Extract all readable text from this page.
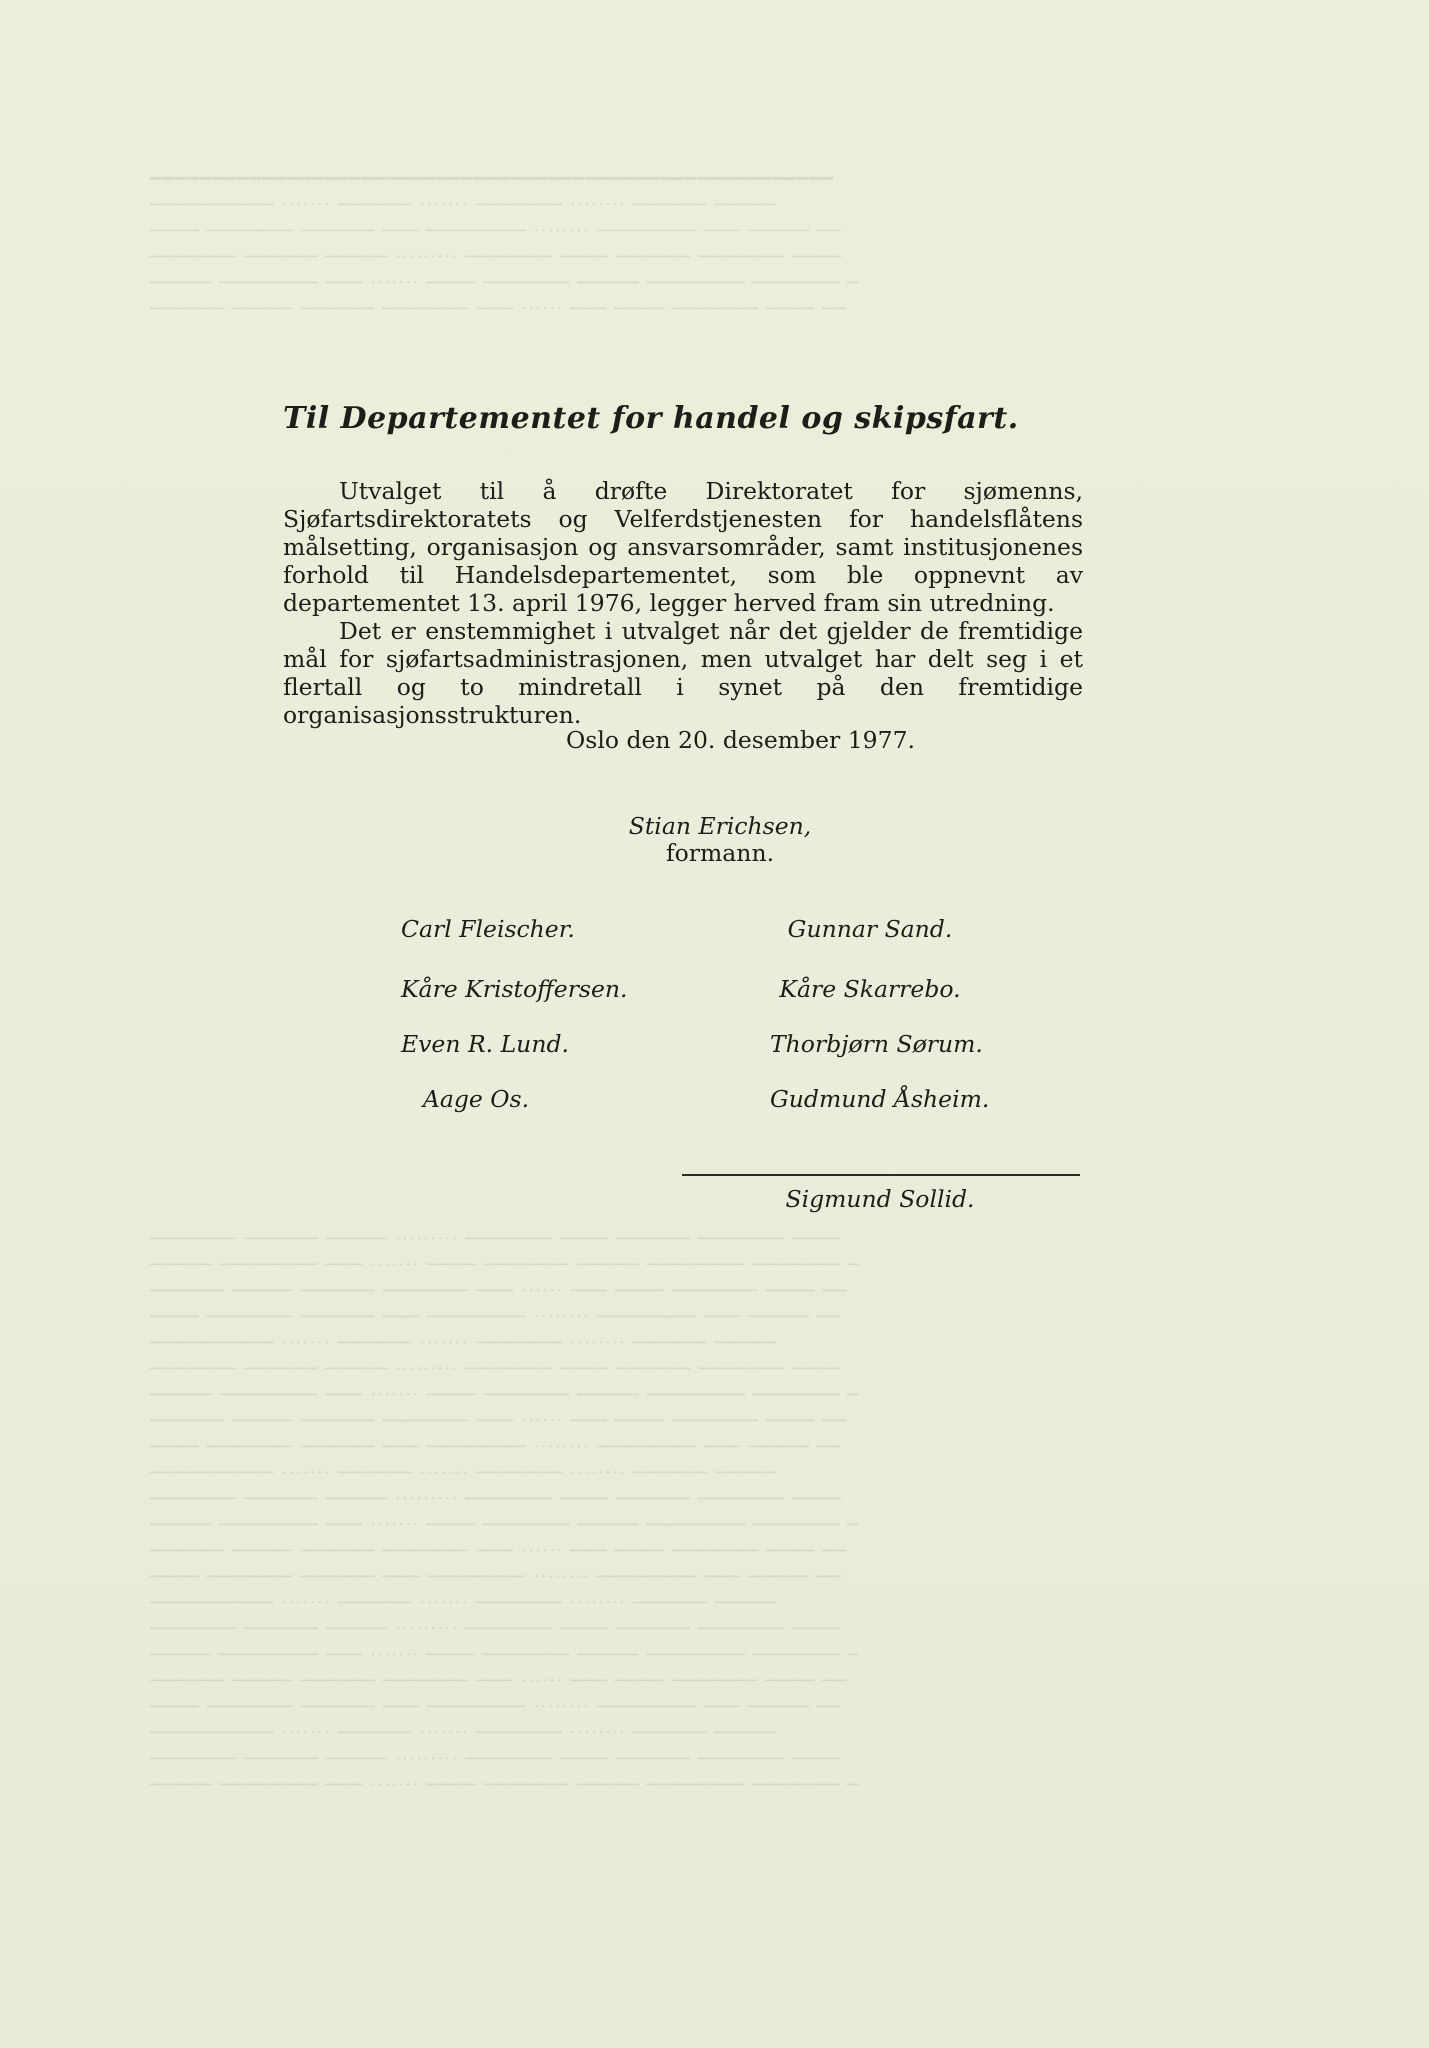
━━━━━━━━━━━━━━━━━━━━━━━━━━━━━━━━━━━━━━━━━━━━━━━━━━━━━━━
────────── ······· ────── ······· ─────── ········ ────── ─────
──── ─────── ────── ─── ──────── ········ ──────── ─── ───── ──
─────── ────── ───── ········· ─────── ──── ────── ─────── ────
───── ──────── ─── ······· ──── ─────── ───── ──────── ─────── ─
────── ───── ────── ─────── ─── ······ ─── ──── ─────── ──── ──

─────── ────── ───── ········· ─────── ──── ────── ─────── ────
───── ──────── ─── ······· ──── ─────── ───── ──────── ─────── ─
────── ───── ────── ─────── ─── ······ ─── ──── ─────── ──── ──
──── ─────── ────── ─── ──────── ········ ──────── ─── ───── ──
────────── ······· ────── ······· ─────── ········ ────── ─────
─────── ────── ───── ········· ─────── ──── ────── ─────── ────
───── ──────── ─── ······· ──── ─────── ───── ──────── ─────── ─
────── ───── ────── ─────── ─── ······ ─── ──── ─────── ──── ──
──── ─────── ────── ─── ──────── ········ ──────── ─── ───── ──
────────── ······· ────── ······· ─────── ········ ────── ─────
─────── ────── ───── ········· ─────── ──── ────── ─────── ────
───── ──────── ─── ······· ──── ─────── ───── ──────── ─────── ─
────── ───── ────── ─────── ─── ······ ─── ──── ─────── ──── ──
──── ─────── ────── ─── ──────── ········ ──────── ─── ───── ──
────────── ······· ────── ······· ─────── ········ ────── ─────
─────── ────── ───── ········· ─────── ──── ────── ─────── ────
───── ──────── ─── ······· ──── ─────── ───── ──────── ─────── ─
────── ───── ────── ─────── ─── ······ ─── ──── ─────── ──── ──
──── ─────── ────── ─── ──────── ········ ──────── ─── ───── ──
────────── ······· ────── ······· ─────── ········ ────── ─────
─────── ────── ───── ········· ─────── ──── ────── ─────── ────
───── ──────── ─── ······· ──── ─────── ───── ──────── ─────── ─

Til Departementet for handel og skipsfart.

Utvalget til å drøfte Direktoratet for sjømenns, Sjøfartsdirektoratets og Velferdstjenesten for handelsflåtens målsetting, organisasjon og ansvarsområder, samt institusjonenes forhold til Handelsdepartementet, som ble oppnevnt av departementet 13. april 1976, legger herved fram sin utredning.

Det er enstemmighet i utvalget når det gjelder de fremtidige mål for sjøfartsadministrasjonen, men utvalget har delt seg i et flertall og to mindretall i synet på den fremtidige organisasjonsstrukturen.

Oslo den 20. desember 1977.
Stian Erichsen,
formann.
Carl Fleischer.
Kåre Kristoffersen.
Even R. Lund.
Aage Os.
Gunnar Sand.
Kåre Skarrebo.
Thorbjørn Sørum.
Gudmund Åsheim.
Sigmund Sollid.
